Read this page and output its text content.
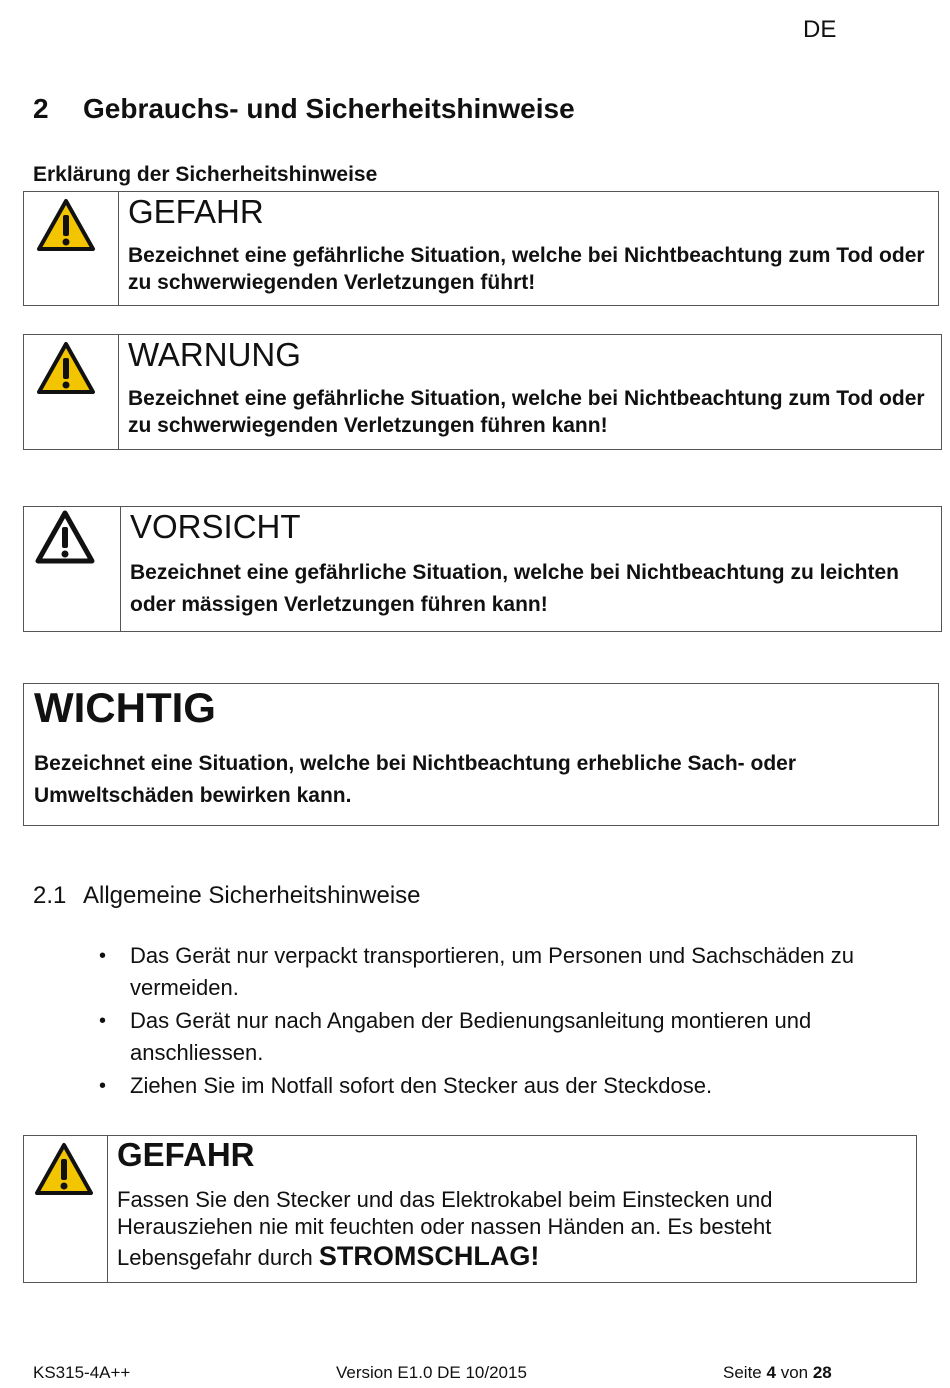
DE
2 Gebrauchs- und Sicherheitshinweise
Erklärung der Sicherheitshinweise
GEFAHR
Bezeichnet eine gefährliche Situation, welche bei Nichtbeachtung zum Tod oder zu schwerwiegenden Verletzungen führt!
WARNUNG
Bezeichnet eine gefährliche Situation, welche bei Nichtbeachtung zum Tod oder zu schwerwiegenden Verletzungen führen kann!
VORSICHT
Bezeichnet eine gefährliche Situation, welche bei Nichtbeachtung zu leichten oder mässigen Verletzungen führen kann!
WICHTIG
Bezeichnet eine Situation, welche bei Nichtbeachtung erhebliche Sach- oder Umweltschäden bewirken kann.
2.1 Allgemeine Sicherheitshinweise
• Das Gerät nur verpackt transportieren, um Personen und Sachschäden zu vermeiden.
• Das Gerät nur nach Angaben der Bedienungsanleitung montieren und anschliessen.
• Ziehen Sie im Notfall sofort den Stecker aus der Steckdose.
GEFAHR
Fassen Sie den Stecker und das Elektrokabel beim Einstecken und
Herausziehen nie mit feuchten oder nassen Händen an. Es besteht
Lebensgefahr durch STROMSCHLAG!
KS315-4A++	Version E1.0 DE 10/2015	Seite 4 von 28
